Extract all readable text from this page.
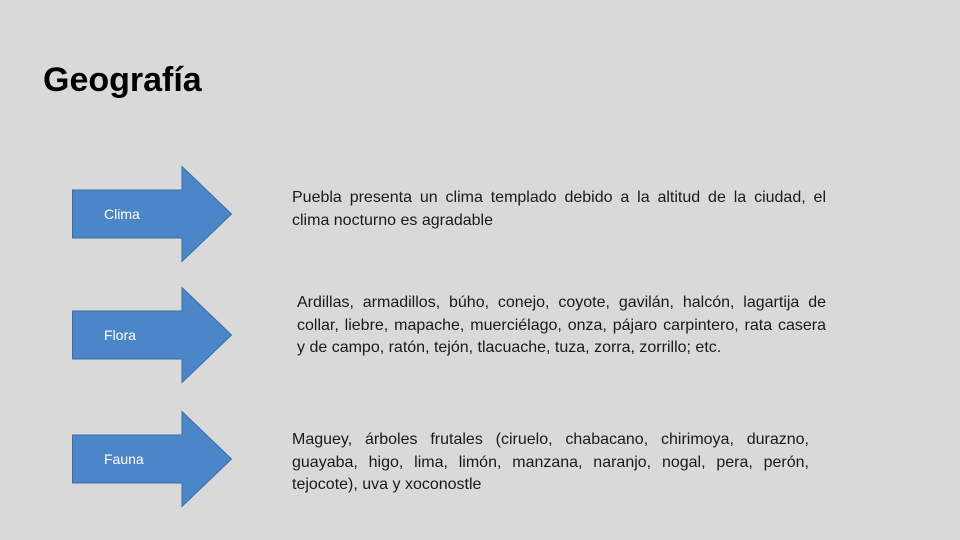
Geografía
Clima

Puebla presenta un clima templado debido a la altitud de la ciudad, el clima nocturno es agradable

Flora

Ardillas, armadillos, búho, conejo, coyote, gavilán, halcón, lagartija de collar, liebre, mapache, muerciélago, onza, pájaro carpintero, rata casera y de campo, ratón, tejón, tlacuache, tuza, zorra, zorrillo; etc.

Fauna

Maguey, árboles frutales (ciruelo, chabacano, chirimoya, durazno, guayaba, higo, lima, limón, manzana, naranjo, nogal, pera, perón, tejocote), uva y xoconostle
